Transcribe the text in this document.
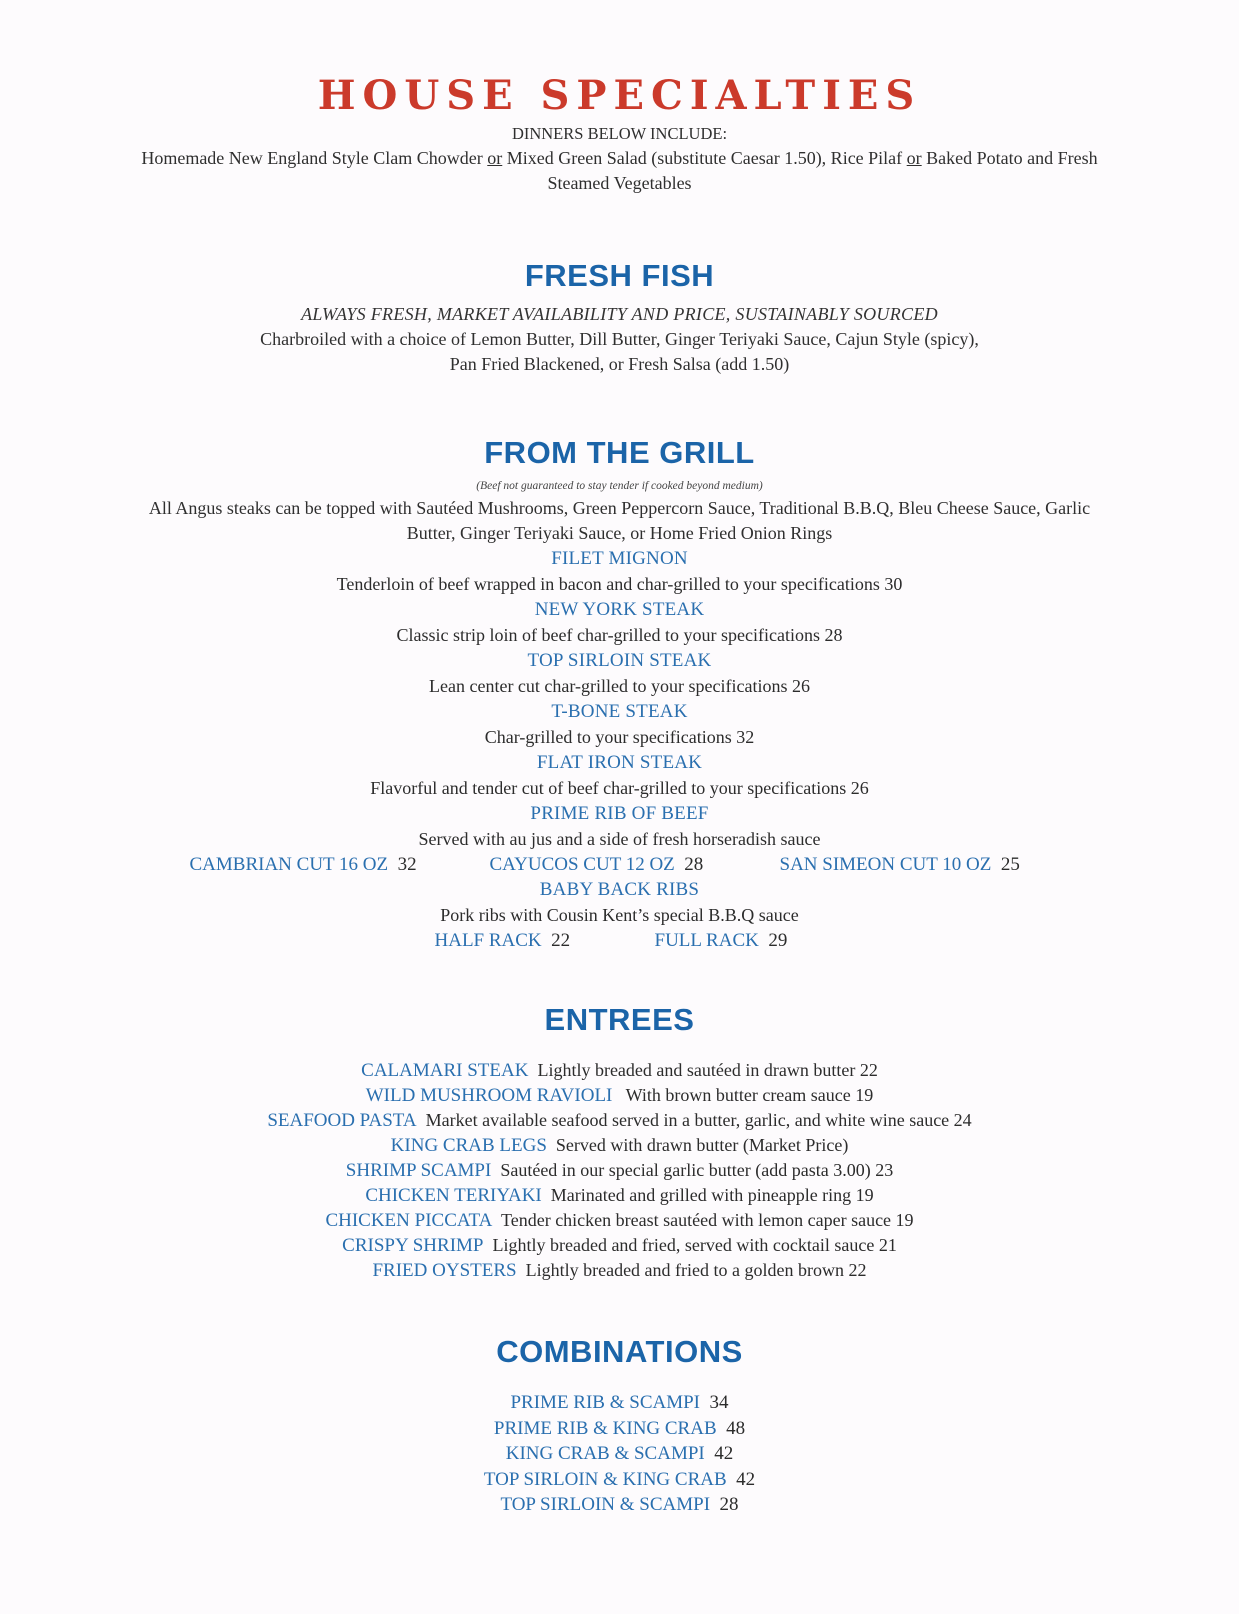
HOUSE SPECIALTIES
DINNERS BELOW INCLUDE:
Homemade New England Style Clam Chowder or Mixed Green Salad (substitute Caesar 1.50), Rice Pilaf or Baked Potato and Fresh
Steamed Vegetables
FRESH FISH
ALWAYS FRESH, MARKET AVAILABILITY AND PRICE, SUSTAINABLY SOURCED
Charbroiled with a choice of Lemon Butter, Dill Butter, Ginger Teriyaki Sauce, Cajun Style (spicy),
Pan Fried Blackened, or Fresh Salsa (add 1.50)
FROM THE GRILL
(Beef not guaranteed to stay tender if cooked beyond medium)
All Angus steaks can be topped with Sautéed Mushrooms, Green Peppercorn Sauce, Traditional B.B.Q, Bleu Cheese Sauce, Garlic
Butter, Ginger Teriyaki Sauce, or Home Fried Onion Rings
FILET MIGNON
Tenderloin of beef wrapped in bacon and char-grilled to your specifications 30
NEW YORK STEAK
Classic strip loin of beef char-grilled to your specifications 28
TOP SIRLOIN STEAK
Lean center cut char-grilled to your specifications 26
T-BONE STEAK
Char-grilled to your specifications 32
FLAT IRON STEAK
Flavorful and tender cut of beef char-grilled to your specifications 26
PRIME RIB OF BEEF
Served with au jus and a side of fresh horseradish sauce
CAMBRIAN CUT 16 OZ 32	CAYUCOS CUT 12 OZ 28	SAN SIMEON CUT 10 OZ 25
BABY BACK RIBS
Pork ribs with Cousin Kent’s special B.B.Q sauce
HALF RACK 22	FULL RACK 29
ENTREES
CALAMARI STEAK Lightly breaded and sautéed in drawn butter 22
WILD MUSHROOM RAVIOLI With brown butter cream sauce 19
SEAFOOD PASTA Market available seafood served in a butter, garlic, and white wine sauce 24
KING CRAB LEGS Served with drawn butter (Market Price)
SHRIMP SCAMPI Sautéed in our special garlic butter (add pasta 3.00) 23
CHICKEN TERIYAKI Marinated and grilled with pineapple ring 19
CHICKEN PICCATA Tender chicken breast sautéed with lemon caper sauce 19
CRISPY SHRIMP Lightly breaded and fried, served with cocktail sauce 21
FRIED OYSTERS Lightly breaded and fried to a golden brown 22
COMBINATIONS
PRIME RIB & SCAMPI 34
PRIME RIB & KING CRAB 48
KING CRAB & SCAMPI 42
TOP SIRLOIN & KING CRAB 42
TOP SIRLOIN & SCAMPI 28
